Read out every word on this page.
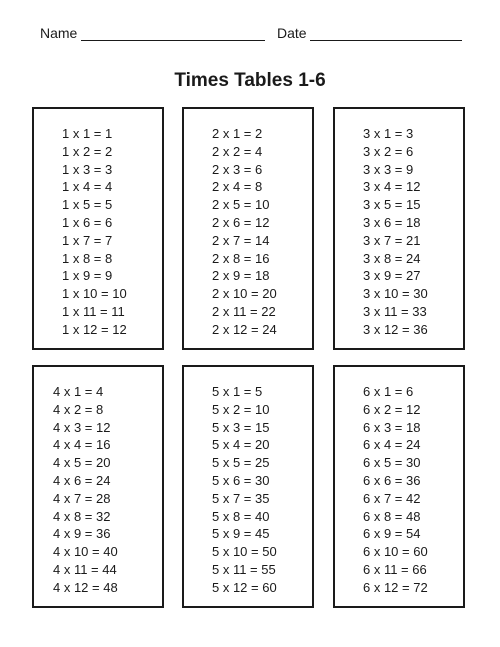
Name	Date
Times Tables 1-6
1 x 1 = 1
1 x 2 = 2
1 x 3 = 3
1 x 4 = 4
1 x 5 = 5
1 x 6 = 6
1 x 7 = 7
1 x 8 = 8
1 x 9 = 9
1 x 10 = 10
1 x 11 = 11
1 x 12 = 12
2 x 1 = 2
2 x 2 = 4
2 x 3 = 6
2 x 4 = 8
2 x 5 = 10
2 x 6 = 12
2 x 7 = 14
2 x 8 = 16
2 x 9 = 18
2 x 10 = 20
2 x 11 = 22
2 x 12 = 24
3 x 1 = 3
3 x 2 = 6
3 x 3 = 9
3 x 4 = 12
3 x 5 = 15
3 x 6 = 18
3 x 7 = 21
3 x 8 = 24
3 x 9 = 27
3 x 10 = 30
3 x 11 = 33
3 x 12 = 36
4 x 1 = 4
4 x 2 = 8
4 x 3 = 12
4 x 4 = 16
4 x 5 = 20
4 x 6 = 24
4 x 7 = 28
4 x 8 = 32
4 x 9 = 36
4 x 10 = 40
4 x 11 = 44
4 x 12 = 48
5 x 1 = 5
5 x 2 = 10
5 x 3 = 15
5 x 4 = 20
5 x 5 = 25
5 x 6 = 30
5 x 7 = 35
5 x 8 = 40
5 x 9 = 45
5 x 10 = 50
5 x 11 = 55
5 x 12 = 60
6 x 1 = 6
6 x 2 = 12
6 x 3 = 18
6 x 4 = 24
6 x 5 = 30
6 x 6 = 36
6 x 7 = 42
6 x 8 = 48
6 x 9 = 54
6 x 10 = 60
6 x 11 = 66
6 x 12 = 72
